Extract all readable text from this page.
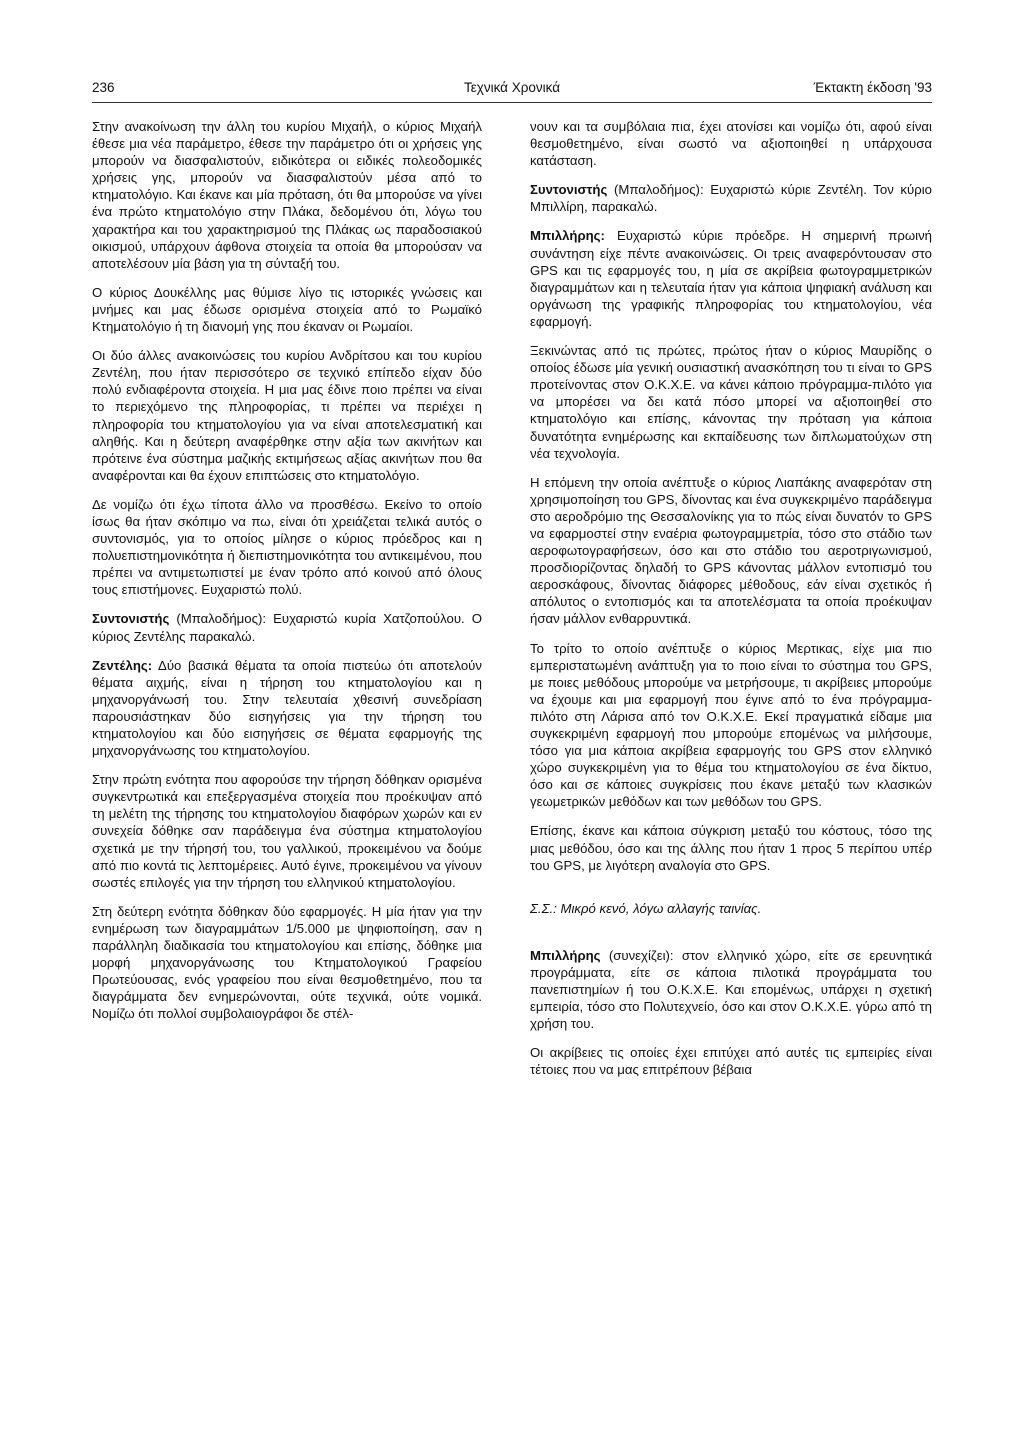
236	Τεχνικά Χρονικά	Έκτακτη έκδοση '93

Στην ανακοίνωση την άλλη του κυρίου Μιχαήλ, ο κύριος Μιχαήλ έθεσε μια νέα παράμετρο, έθεσε την παράμετρο ότι οι χρήσεις γης μπορούν να διασφαλιστούν, ειδικότερα οι ειδικές πολεοδομικές χρήσεις γης, μπορούν να διασφαλιστούν μέσα από το κτηματολόγιο. Και έκανε και μία πρόταση, ότι θα μπορούσε να γίνει ένα πρώτο κτηματολόγιο στην Πλάκα, δεδομένου ότι, λόγω του χαρακτήρα και του χαρακτηρισμού της Πλάκας ως παραδοσιακού οικισμού, υπάρχουν άφθονα στοιχεία τα οποία θα μπορούσαν να αποτελέσουν μία βάση για τη σύνταξή του.

Ο κύριος Δουκέλλης μας θύμισε λίγο τις ιστορικές γνώσεις και μνήμες και μας έδωσε ορισμένα στοιχεία από το Ρωμαϊκό Κτηματολόγιο ή τη διανομή γης που έκαναν οι Ρωμαίοι.

Οι δύο άλλες ανακοινώσεις του κυρίου Ανδρίτσου και του κυρίου Ζεντέλη, που ήταν περισσότερο σε τεχνικό επίπεδο είχαν δύο πολύ ενδιαφέροντα στοιχεία. Η μια μας έδινε ποιο πρέπει να είναι το περιεχόμενο της πληροφορίας, τι πρέπει να περιέχει η πληροφορία του κτηματολογίου για να είναι αποτελεσματική και αληθής. Και η δεύτερη αναφέρθηκε στην αξία των ακινήτων και πρότεινε ένα σύστημα μαζικής εκτιμήσεως αξίας ακινήτων που θα αναφέρονται και θα έχουν επιπτώσεις στο κτηματολόγιο.

Δε νομίζω ότι έχω τίποτα άλλο να προσθέσω. Εκείνο το οποίο ίσως θα ήταν σκόπιμο να πω, είναι ότι χρειάζεται τελικά αυτός ο συντονισμός, για το οποίος μίλησε ο κύριος πρόεδρος και η πολυεπιστημονικότητα ή διεπιστημονικότητα του αντικειμένου, που πρέπει να αντιμετωπιστεί με έναν τρόπο από κοινού από όλους τους επιστήμονες. Ευχαριστώ πολύ.

Συντονιστής (Μπαλοδήμος): Ευχαριστώ κυρία Χατζοπούλου. Ο κύριος Ζεντέλης παρακαλώ.

Ζεντέλης: Δύο βασικά θέματα τα οποία πιστεύω ότι αποτελούν θέματα αιχμής, είναι η τήρηση του κτηματολογίου και η μηχανοργάνωσή του. Στην τελευταία χθεσινή συνεδρίαση παρουσιάστηκαν δύο εισηγήσεις για την τήρηση του κτηματολογίου και δύο εισηγήσεις σε θέματα εφαρμογής της μηχανοργάνωσης του κτηματολογίου.

Στην πρώτη ενότητα που αφορούσε την τήρηση δόθηκαν ορισμένα συγκεντρωτικά και επεξεργασμένα στοιχεία που προέκυψαν από τη μελέτη της τήρησης του κτηματολογίου διαφόρων χωρών και εν συνεχεία δόθηκε σαν παράδειγμα ένα σύστημα κτηματολογίου σχετικά με την τήρησή του, του γαλλικού, προκειμένου να δούμε από πιο κοντά τις λεπτομέρειες. Αυτό έγινε, προκειμένου να γίνουν σωστές επιλογές για την τήρηση του ελληνικού κτηματολογίου.

Στη δεύτερη ενότητα δόθηκαν δύο εφαρμογές. Η μία ήταν για την ενημέρωση των διαγραμμάτων 1/5.000 με ψηφιοποίηση, σαν η παράλληλη διαδικασία του κτηματολογίου και επίσης, δόθηκε μια μορφή μηχανοργάνωσης του Κτηματολογικού Γραφείου Πρωτεύουσας, ενός γραφείου που είναι θεσμοθετημένο, που τα διαγράμματα δεν ενημερώνονται, ούτε τεχνικά, ούτε νομικά. Νομίζω ότι πολλοί συμβολαιογράφοι δε στέλ-

νουν και τα συμβόλαια πια, έχει ατονίσει και νομίζω ότι, αφού είναι θεσμοθετημένο, είναι σωστό να αξιοποιηθεί η υπάρχουσα κατάσταση.

Συντονιστής (Μπαλοδήμος): Ευχαριστώ κύριε Ζεντέλη. Τον κύριο Μπιλλίρη, παρακαλώ.

Μπιλλήρης: Ευχαριστώ κύριε πρόεδρε. Η σημερινή πρωινή συνάντηση είχε πέντε ανακοινώσεις. Οι τρεις αναφερόντουσαν στο GPS και τις εφαρμογές του, η μία σε ακρίβεια φωτογραμμετρικών διαγραμμάτων και η τελευταία ήταν για κάποια ψηφιακή ανάλυση και οργάνωση της γραφικής πληροφορίας του κτηματολογίου, νέα εφαρμογή.

Ξεκινώντας από τις πρώτες, πρώτος ήταν ο κύριος Μαυρίδης ο οποίος έδωσε μία γενική ουσιαστική ανασκόπηση του τι είναι το GPS προτείνοντας στον Ο.Κ.Χ.Ε. να κάνει κάποιο πρόγραμμα-πιλότο για να μπορέσει να δει κατά πόσο μπορεί να αξιοποιηθεί στο κτηματολόγιο και επίσης, κάνοντας την πρόταση για κάποια δυνατότητα ενημέρωσης και εκπαίδευσης των διπλωματούχων στη νέα τεχνολογία.

Η επόμενη την οποία ανέπτυξε ο κύριος Λιαπάκης αναφερόταν στη χρησιμοποίηση του GPS, δίνοντας και ένα συγκεκριμένο παράδειγμα στο αεροδρόμιο της Θεσσαλονίκης για το πώς είναι δυνατόν το GPS να εφαρμοστεί στην εναέρια φωτογραμμετρία, τόσο στο στάδιο των αεροφωτογραφήσεων, όσο και στο στάδιο του αεροτριγωνισμού, προσδιορίζοντας δηλαδή το GPS κάνοντας μάλλον εντοπισμό του αεροσκάφους, δίνοντας διάφορες μέθοδους, εάν είναι σχετικός ή απόλυτος ο εντοπισμός και τα αποτελέσματα τα οποία προέκυψαν ήσαν μάλλον ενθαρρυντικά.

Το τρίτο το οποίο ανέπτυξε ο κύριος Μερτικας, είχε μια πιο εμπεριστατωμένη ανάπτυξη για το ποιο είναι το σύστημα του GPS, με ποιες μεθόδους μπορούμε να μετρήσουμε, τι ακρίβειες μπορούμε να έχουμε και μια εφαρμογή που έγινε από το ένα πρόγραμμα-πιλότο στη Λάρισα από τον Ο.Κ.Χ.Ε. Εκεί πραγματικά είδαμε μια συγκεκριμένη εφαρμογή που μπορούμε επομένως να μιλήσουμε, τόσο για μια κάποια ακρίβεια εφαρμογής του GPS στον ελληνικό χώρο συγκεκριμένη για το θέμα του κτηματολογίου σε ένα δίκτυο, όσο και σε κάποιες συγκρίσεις που έκανε μεταξύ των κλασικών γεωμετρικών μεθόδων και των μεθόδων του GPS.

Επίσης, έκανε και κάποια σύγκριση μεταξύ του κόστους, τόσο της μιας μεθόδου, όσο και της άλλης που ήταν 1 προς 5 περίπου υπέρ του GPS, με λιγότερη αναλογία στο GPS.

Σ.Σ.: Μικρό κενό, λόγω αλλαγής ταινίας.

Μπιλλήρης (συνεχίζει): στον ελληνικό χώρο, είτε σε ερευνητικά προγράμματα, είτε σε κάποια πιλοτικά προγράμματα του πανεπιστημίων ή του Ο.Κ.Χ.Ε. Και επομένως, υπάρχει η σχετική εμπειρία, τόσο στο Πολυτεχνείο, όσο και στον Ο.Κ.Χ.Ε. γύρω από τη χρήση του.

Οι ακρίβειες τις οποίες έχει επιτύχει από αυτές τις εμπειρίες είναι τέτοιες που να μας επιτρέπουν βέβαια
